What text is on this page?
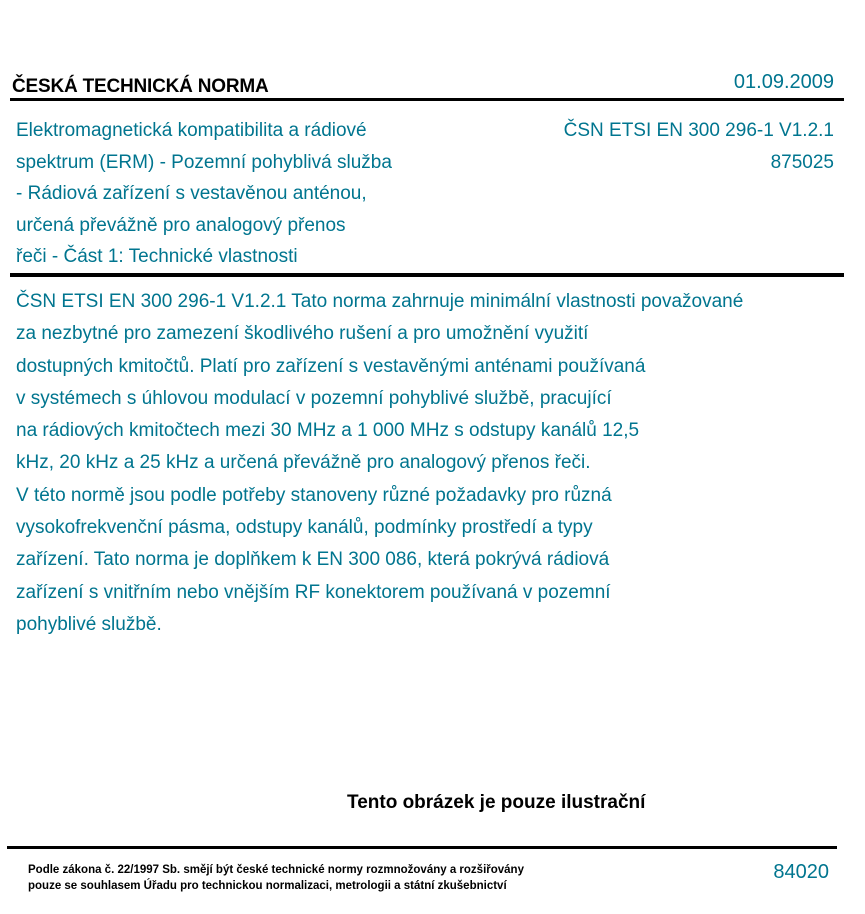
ČESKÁ TECHNICKÁ NORMA	01.09.2009
Elektromagnetická kompatibilita a rádiové
spektrum (ERM) - Pozemní pohyblivá služba
- Rádiová zařízení s vestavěnou anténou,
určená převážně pro analogový přenos
řeči - Část 1: Technické vlastnosti
ČSN ETSI EN 300 296-1 V1.2.1
875025
ČSN ETSI EN 300 296-1 V1.2.1 Tato norma zahrnuje minimální vlastnosti považované
za nezbytné pro zamezení škodlivého rušení a pro umožnění využití
dostupných kmitočtů. Platí pro zařízení s vestavěnými anténami používaná
v systémech s úhlovou modulací v pozemní pohyblivé službě, pracující
na rádiových kmitočtech mezi 30 MHz a 1 000 MHz s odstupy kanálů 12,5
kHz, 20 kHz a 25 kHz a určená převážně pro analogový přenos řeči.
V této normě jsou podle potřeby stanoveny různé požadavky pro různá
vysokofrekvenční pásma, odstupy kanálů, podmínky prostředí a typy
zařízení. Tato norma je doplňkem k EN 300 086, která pokrývá rádiová
zařízení s vnitřním nebo vnějším RF konektorem používaná v pozemní
pohyblivé službě.
Tento obrázek je pouze ilustrační
Podle zákona č. 22/1997 Sb. smějí být české technické normy rozmnožovány a rozšiřovány
pouze se souhlasem Úřadu pro technickou normalizaci, metrologii a státní zkušebnictví
84020
